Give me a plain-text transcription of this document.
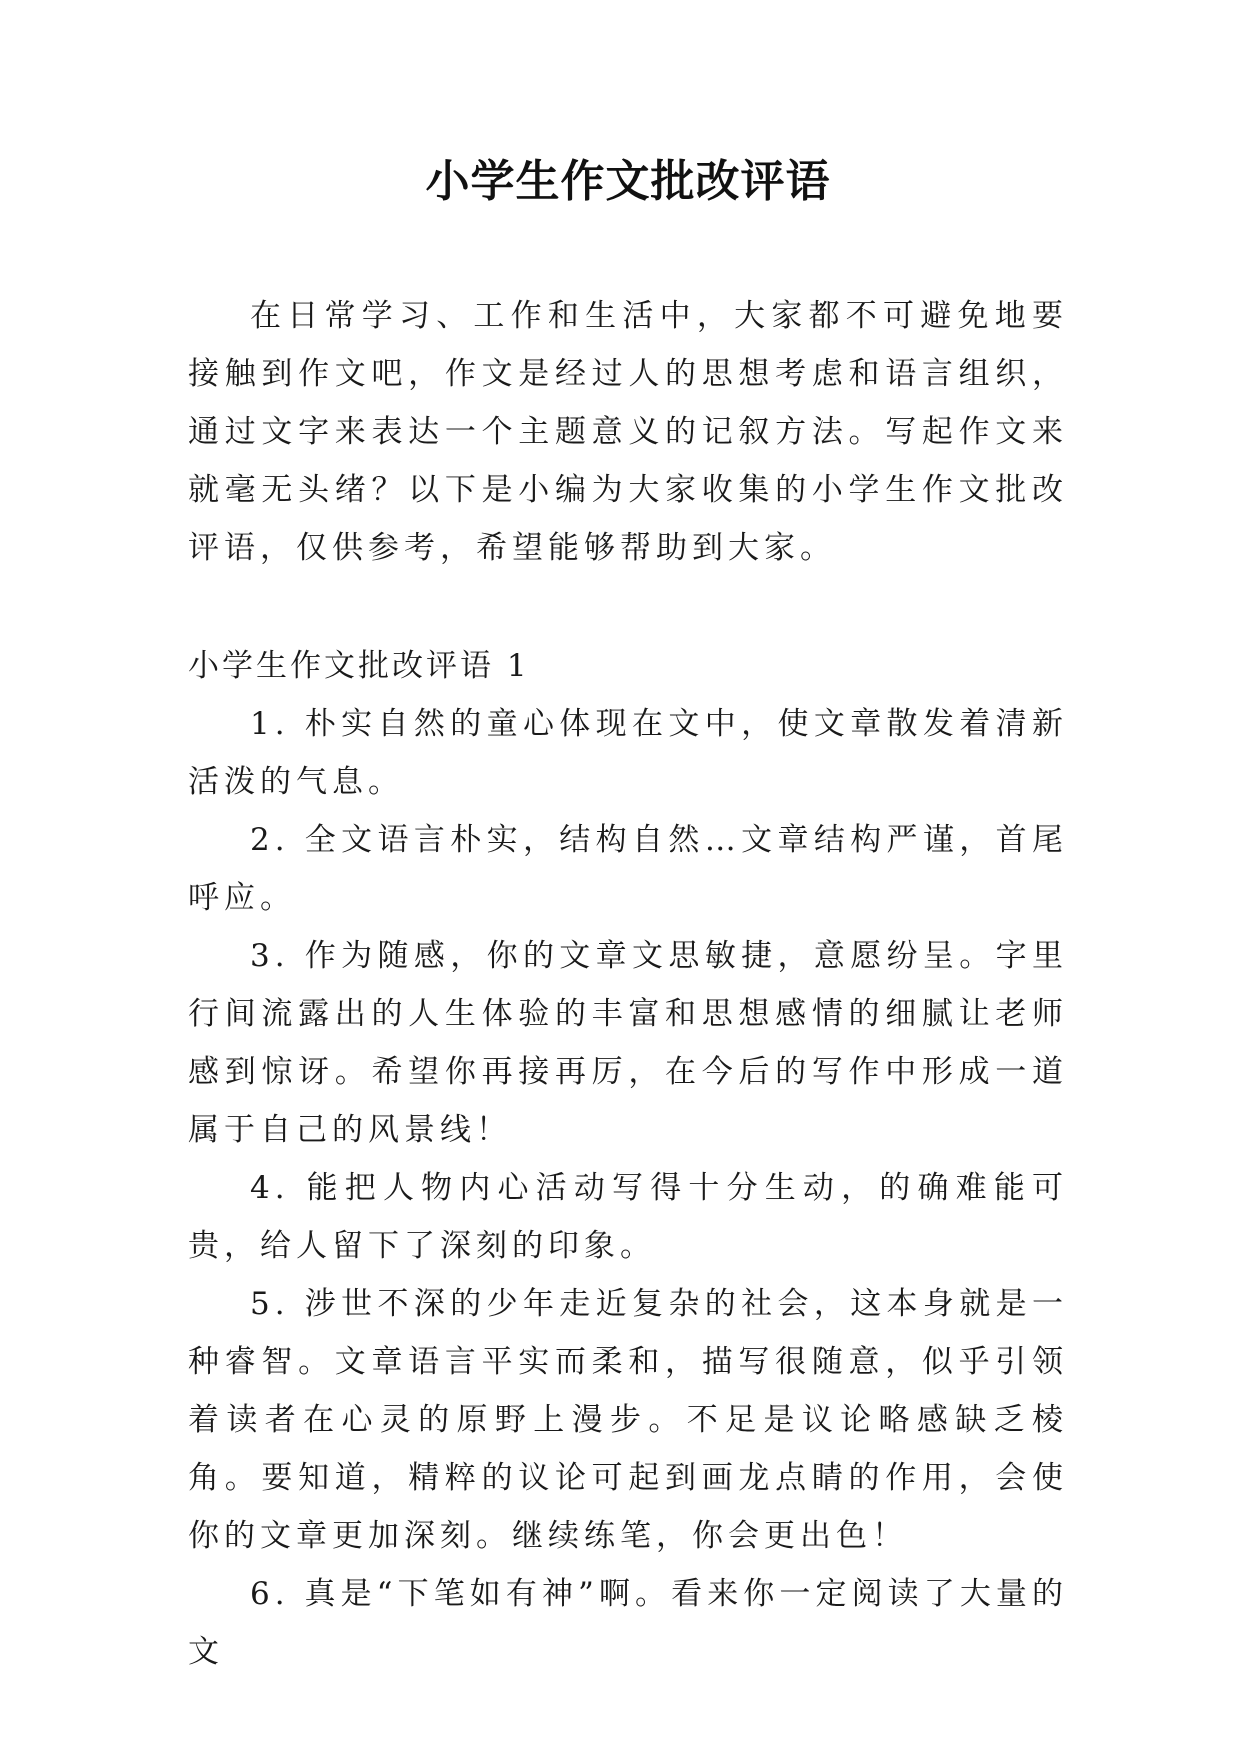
小学生作文批改评语

在日常学习、工作和生活中，大家都不可避免地要接触到作文吧，作文是经过人的思想考虑和语言组织，通过文字来表达一个主题意义的记叙方法。写起作文来就毫无头绪？以下是小编为大家收集的小学生作文批改评语，仅供参考，希望能够帮助到大家。

小学生作文批改评语 1

1. 朴实自然的童心体现在文中，使文章散发着清新活泼的气息。

2. 全文语言朴实，结构自然…文章结构严谨，首尾呼应。

3. 作为随感，你的文章文思敏捷，意愿纷呈。字里行间流露出的人生体验的丰富和思想感情的细腻让老师感到惊讶。希望你再接再厉，在今后的写作中形成一道属于自己的风景线！

4. 能把人物内心活动写得十分生动，的确难能可贵，给人留下了深刻的印象。

5. 涉世不深的少年走近复杂的社会，这本身就是一种睿智。文章语言平实而柔和，描写很随意，似乎引领着读者在心灵的原野上漫步。不足是议论略感缺乏棱角。要知道，精粹的议论可起到画龙点睛的作用，会使你的文章更加深刻。继续练笔，你会更出色！

6. 真是“下笔如有神”啊。看来你一定阅读了大量的文
